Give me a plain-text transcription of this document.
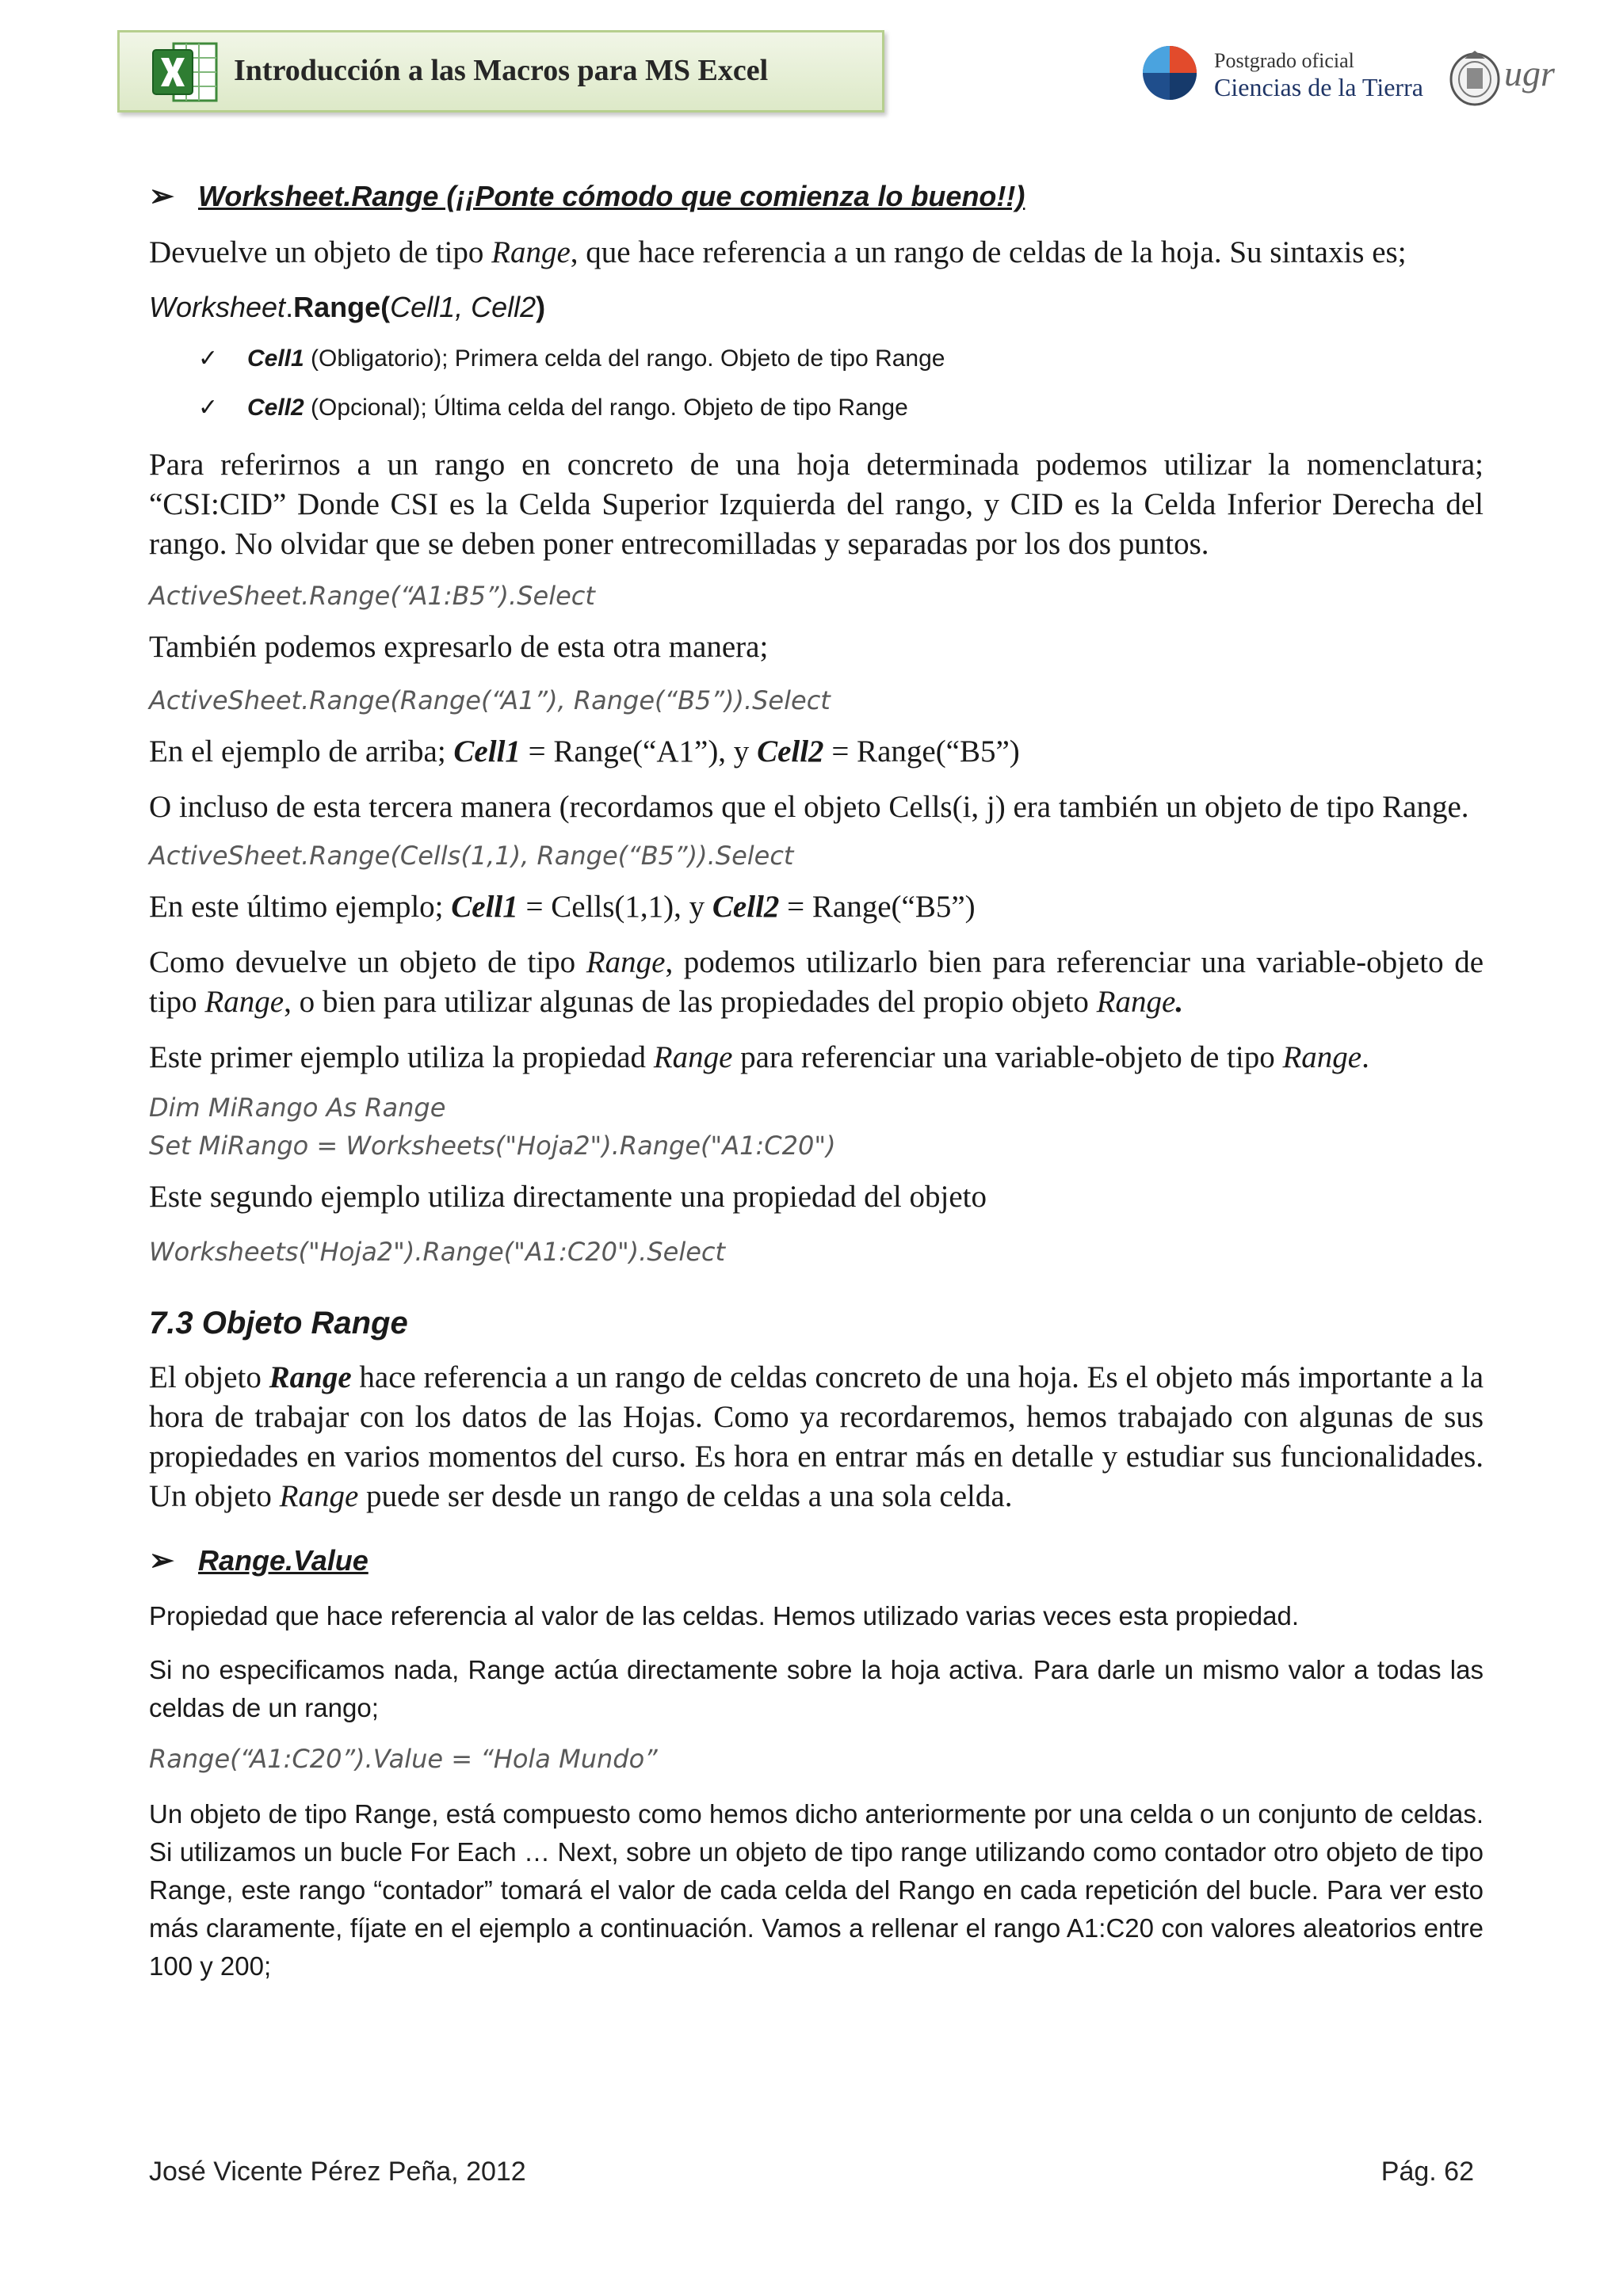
Introducción a las Macros para MS Excel	Postgrado oficial
Ciencias de la Tierra ugr
➢ Worksheet.Range (¡¡Ponte cómodo que comienza lo bueno!!)

Devuelve un objeto de tipo Range, que hace referencia a un rango de celdas de la hoja. Su sintaxis es;

Worksheet.Range(Cell1, Cell2)

✓ Cell1 (Obligatorio); Primera celda del rango. Objeto de tipo Range

✓ Cell2 (Opcional); Última celda del rango. Objeto de tipo Range

Para referirnos a un rango en concreto de una hoja determinada podemos utilizar la nomenclatura; “CSI:CID” Donde CSI es la Celda Superior Izquierda del rango, y CID es la Celda Inferior Derecha del rango. No olvidar que se deben poner entrecomilladas y separadas por los dos puntos.

ActiveSheet.Range(“A1:B5”).Select

También podemos expresarlo de esta otra manera;

ActiveSheet.Range(Range(“A1”), Range(“B5”)).Select

En el ejemplo de arriba; Cell1 = Range(“A1”), y Cell2 = Range(“B5”)

O incluso de esta tercera manera (recordamos que el objeto Cells(i, j) era también un objeto de tipo Range.

ActiveSheet.Range(Cells(1,1), Range(“B5”)).Select

En este último ejemplo; Cell1 = Cells(1,1), y Cell2 = Range(“B5”)

Como devuelve un objeto de tipo Range, podemos utilizarlo bien para referenciar una variable-objeto de tipo Range, o bien para utilizar algunas de las propiedades del propio objeto Range.

Este primer ejemplo utiliza la propiedad Range para referenciar una variable-objeto de tipo Range.

Dim MiRango As Range

Set MiRango = Worksheets("Hoja2").Range("A1:C20")

Este segundo ejemplo utiliza directamente una propiedad del objeto

Worksheets("Hoja2").Range("A1:C20").Select

7.3 Objeto Range

El objeto Range hace referencia a un rango de celdas concreto de una hoja. Es el objeto más importante a la hora de trabajar con los datos de las Hojas. Como ya recordaremos, hemos trabajado con algunas de sus propiedades en varios momentos del curso. Es hora en entrar más en detalle y estudiar sus funcionalidades. Un objeto Range puede ser desde un rango de celdas a una sola celda.

➢ Range.Value

Propiedad que hace referencia al valor de las celdas. Hemos utilizado varias veces esta propiedad.

Si no especificamos nada, Range actúa directamente sobre la hoja activa. Para darle un mismo valor a todas las celdas de un rango;

Range(“A1:C20”).Value = “Hola Mundo”

Un objeto de tipo Range, está compuesto como hemos dicho anteriormente por una celda o un conjunto de celdas. Si utilizamos un bucle For Each … Next, sobre un objeto de tipo range utilizando como contador otro objeto de tipo Range, este rango “contador” tomará el valor de cada celda del Rango en cada repetición del bucle. Para ver esto más claramente, fíjate en el ejemplo a continuación. Vamos a rellenar el rango A1:C20 con valores aleatorios entre 100 y 200;

José Vicente Pérez Peña, 2012	Pág. 62
